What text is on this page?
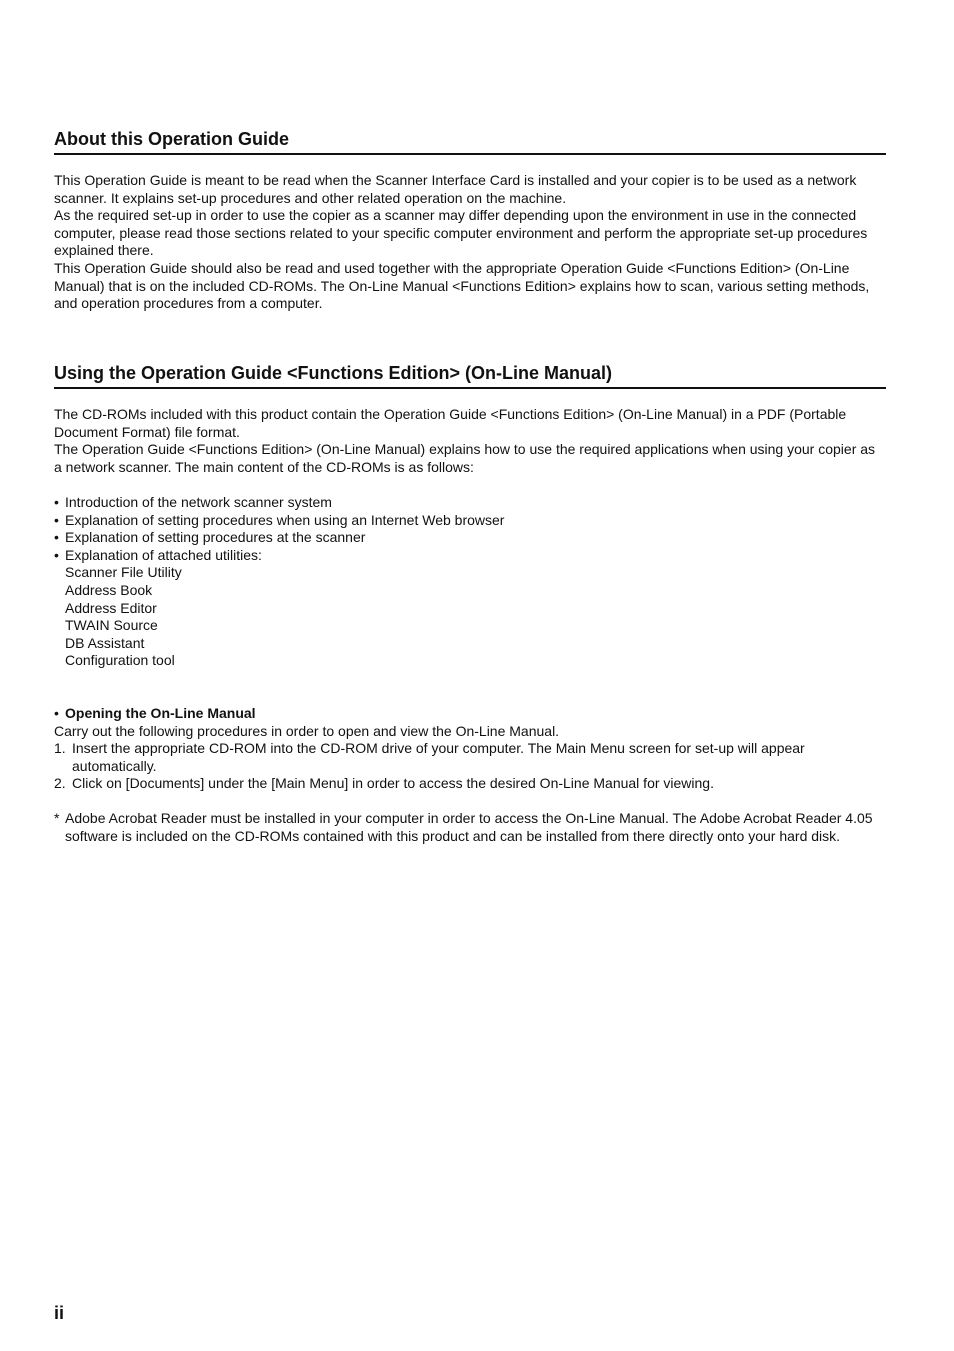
About this Operation Guide

This Operation Guide is meant to be read when the Scanner Interface Card is installed and your copier is to be used as a network scanner. It explains set-up procedures and other related operation on the machine.

As the required set-up in order to use the copier as a scanner may differ depending upon the environment in use in the connected computer, please read those sections related to your specific computer environment and perform the appropriate set-up procedures explained there.

This Operation Guide should also be read and used together with the appropriate Operation Guide <Functions Edition> (On-Line Manual) that is on the included CD-ROMs. The On-Line Manual <Functions Edition> explains how to scan, various setting methods, and operation procedures from a computer.

Using the Operation Guide <Functions Edition> (On-Line Manual)

The CD-ROMs included with this product contain the Operation Guide <Functions Edition> (On-Line Manual) in a PDF (Portable Document Format) file format.

The Operation Guide <Functions Edition> (On-Line Manual) explains how to use the required applications when using your copier as a network scanner. The main content of the CD-ROMs is as follows:

• Introduction of the network scanner system
• Explanation of setting procedures when using an Internet Web browser
• Explanation of setting procedures at the scanner
• Explanation of attached utilities:
Scanner File Utility
Address Book
Address Editor
TWAIN Source
DB Assistant
Configuration tool

• Opening the On-Line Manual

Carry out the following procedures in order to open and view the On-Line Manual.

1. Insert the appropriate CD-ROM into the CD-ROM drive of your computer. The Main Menu screen for set-up will appear automatically.
2. Click on [Documents] under the [Main Menu] in order to access the desired On-Line Manual for viewing.

* Adobe Acrobat Reader must be installed in your computer in order to access the On-Line Manual. The Adobe Acrobat Reader 4.05 software is included on the CD-ROMs contained with this product and can be installed from there directly onto your hard disk.

ii
